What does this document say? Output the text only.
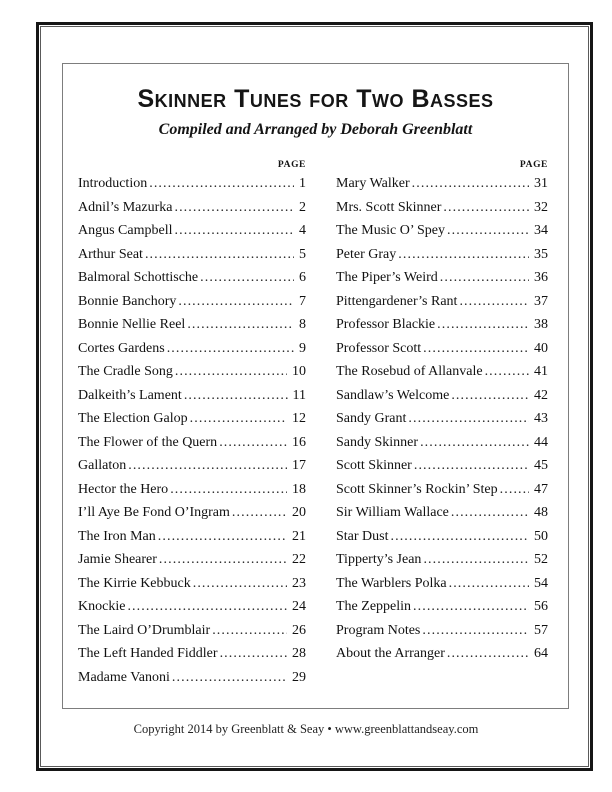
Skinner Tunes for Two Basses
Compiled and Arranged by Deborah Greenblatt
PAGE
Introduction .....	1
Adnil’s Mazurka .....	2
Angus Campbell .....	4
Arthur Seat .....	5
Balmoral Schottische .....	6
Bonnie Banchory .....	7
Bonnie Nellie Reel .....	8
Cortes Gardens .....	9
The Cradle Song .....	10
Dalkeith’s Lament .....	11
The Election Galop .....	12
The Flower of the Quern .....	16
Gallaton .....	17
Hector the Hero .....	18
I’ll Aye Be Fond O’Ingram .....	20
The Iron Man .....	21
Jamie Shearer .....	22
The Kirrie Kebbuck .....	23
Knockie .....	24
The Laird O’Drumblair .....	26
The Left Handed Fiddler .....	28
Madame Vanoni .....	29
PAGE
Mary Walker .....	31
Mrs. Scott Skinner .....	32
The Music O’ Spey .....	34
Peter Gray .....	35
The Piper’s Weird .....	36
Pittengardener’s Rant .....	37
Professor Blackie .....	38
Professor Scott .....	40
The Rosebud of Allanvale .....	41
Sandlaw’s Welcome .....	42
Sandy Grant .....	43
Sandy Skinner .....	44
Scott Skinner .....	45
Scott Skinner’s Rockin’ Step .....	47
Sir William Wallace .....	48
Star Dust .....	50
Tipperty’s Jean .....	52
The Warblers Polka .....	54
The Zeppelin .....	56
Program Notes .....	57
About the Arranger .....	64
Copyright 2014 by Greenblatt & Seay • www.greenblattandseay.com
